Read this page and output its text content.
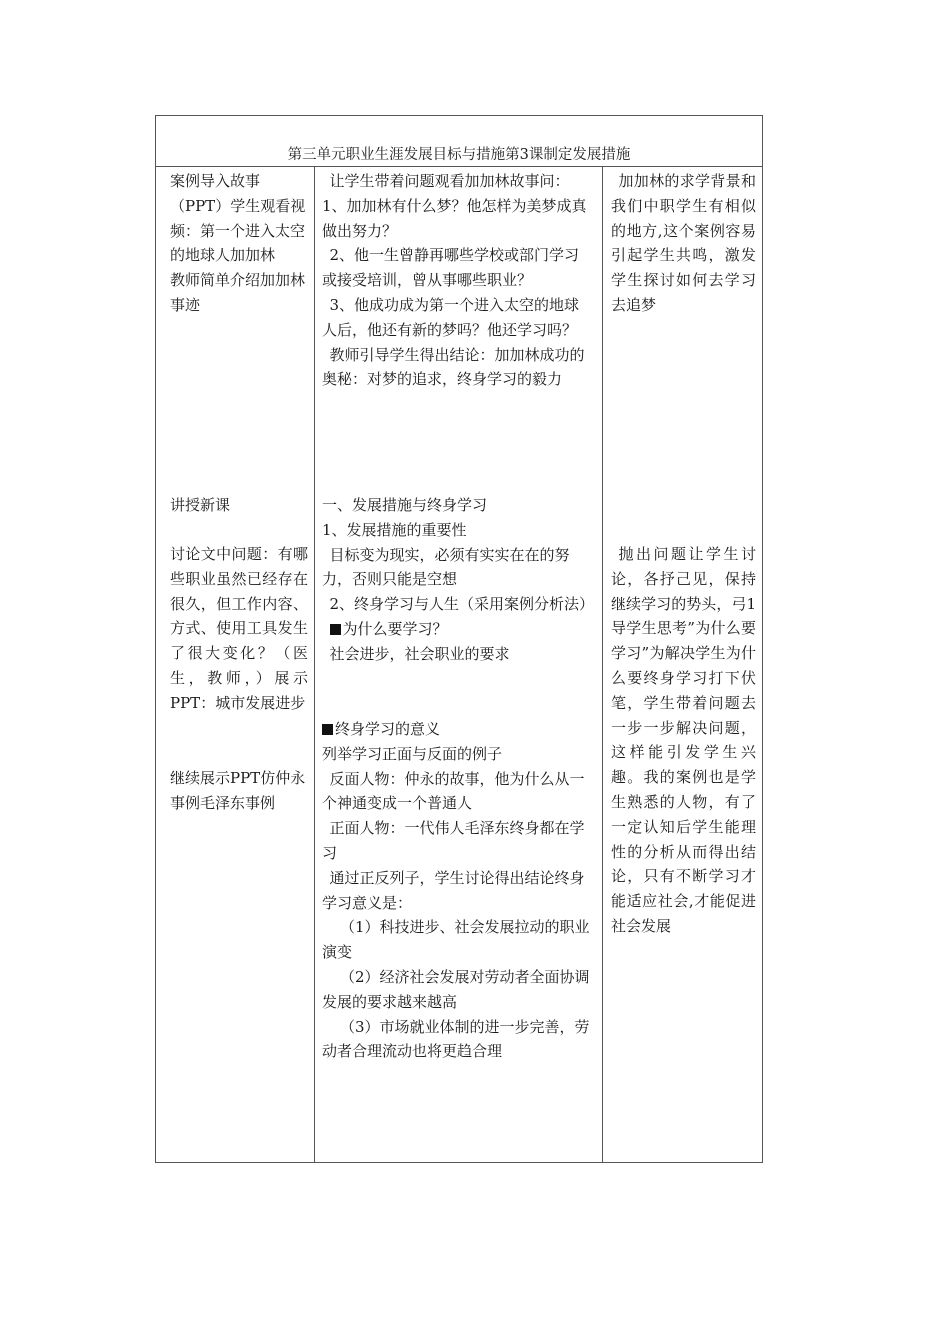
第三单元职业生涯发展目标与措施第3课制定发展措施

案例导入故事（PPT）学生观看视频：第一个进入太空的地球人加加林

教师简单介绍加加林事迹

讲授新课

讨论文中问题：有哪些职业虽然已经存在很久，但工作内容、方式、使用工具发生了很大变化？（医生，教师，）展示PPT：城市发展进步

继续展示PPT仿仲永事例毛泽东事例

让学生带着问题观看加加林故事问：1、加加林有什么梦？他怎样为美梦成真做出努力？

2、他一生曾静再哪些学校或部门学习或接受培训，曾从事哪些职业？

3、他成功成为第一个进入太空的地球人后，他还有新的梦吗？他还学习吗？

教师引导学生得出结论：加加林成功的奥秘：对梦的追求，终身学习的毅力

一、发展措施与终身学习

1、发展措施的重要性

目标变为现实，必须有实实在在的努力，否则只能是空想

2、终身学习与人生（采用案例分析法）

为什么要学习？

社会进步，社会职业的要求

终身学习的意义

列举学习正面与反面的例子

反面人物：仲永的故事，他为什么从一个神通变成一个普通人

正面人物：一代伟人毛泽东终身都在学习

通过正反列子，学生讨论得出结论终身学习意义是：

（1）科技进步、社会发展拉动的职业演变

（2）经济社会发展对劳动者全面协调发展的要求越来越高

（3）市场就业体制的进一步完善，劳动者合理流动也将更趋合理

加加林的求学背景和我们中职学生有相似的地方,这个案例容易引起学生共鸣，激发学生探讨如何去学习去追梦

抛出问题让学生讨论，各抒己见，保持继续学习的势头，弓1导学生思考”为什么要学习”为解决学生为什么要终身学习打下伏笔，学生带着问题去一步一步解决问题，这样能引发学生兴趣。我的案例也是学生熟悉的人物，有了一定认知后学生能理性的分析从而得出结论，只有不断学习才能适应社会,才能促进社会发展
